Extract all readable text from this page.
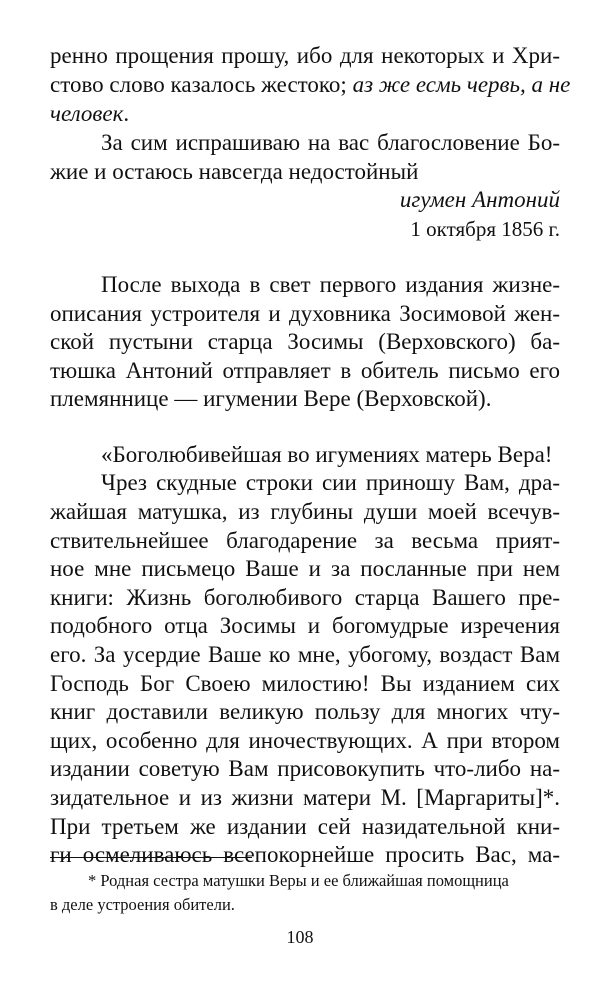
ренно прощения прошу, ибо для некоторых и Хри-
стово слово казалось жестоко; аз же есмь червь, а не
человек.
За сим испрашиваю на вас благословение Бо-
жие и остаюсь навсегда недостойный
игумен Антоний
1 октября 1856 г.
После выхода в свет первого издания жизне-
описания устроителя и духовника Зосимовой жен-
ской пустыни старца Зосимы (Верховского) ба-
тюшка Антоний отправляет в обитель письмо его
племяннице — игумении Вере (Верховской).
«Боголюбивейшая во игумениях матерь Вера!
Чрез скудные строки сии приношу Вам, дра-
жайшая матушка, из глубины души моей всечув-
ствительнейшее благодарение за весьма прият-
ное мне письмецо Ваше и за посланные при нем
книги: Жизнь боголюбивого старца Вашего пре-
подобного отца Зосимы и богомудрые изречения
его. За усердие Ваше ко мне, убогому, воздаст Вам
Господь Бог Своею милостию! Вы изданием сих
книг доставили великую пользу для многих чту-
щих, особенно для иночествующих. А при втором
издании советую Вам присовокупить что-либо на-
зидательное и из жизни матери М. [Маргариты]*.
При третьем же издании сей назидательной кни-
ги осмеливаюсь всепокорнейше просить Вас, ма-
* Родная сестра матушки Веры и ее ближайшая помощница
в деле устроения обители.
108
